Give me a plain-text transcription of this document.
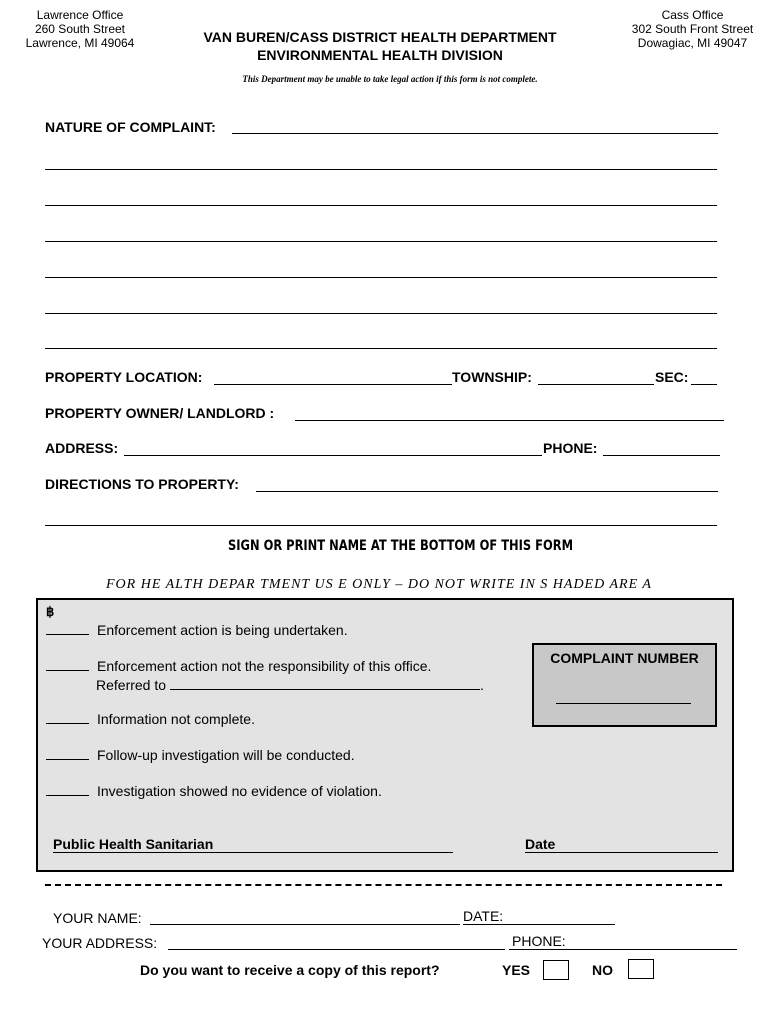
Lawrence Office
260 South Street
Lawrence, MI 49064	VAN BUREN/CASS DISTRICT HEALTH DEPARTMENT
ENVIRONMENTAL HEALTH DIVISION
Cass Office
302 South Front Street
Dowagiac, MI 49047
This Department may be unable to take legal action if this form is not complete.
NATURE OF COMPLAINT:
PROPERTY LOCATION:	TOWNSHIP:	SEC:
PROPERTY OWNER/ LANDLORD :
ADDRESS:	PHONE:
DIRECTIONS TO PROPERTY:
SIGN OR PRINT NAME AT THE BOTTOM OF THIS FORM
FOR HE ALTH DEPAR TMENT US E ONLY – DO NOT WRITE IN S HADED ARE A
฿
Enforcement action is being undertaken.
Enforcement action not the responsibility of this office.
Referred to	.
Information not complete.
Follow-up investigation will be conducted.
Investigation showed no evidence of violation.
COMPLAINT NUMBER
Public Health Sanitarian	Date
YOUR NAME:	DATE:
YOUR ADDRESS:	PHONE:
Do you want to receive a copy of this report?	YES	NO
